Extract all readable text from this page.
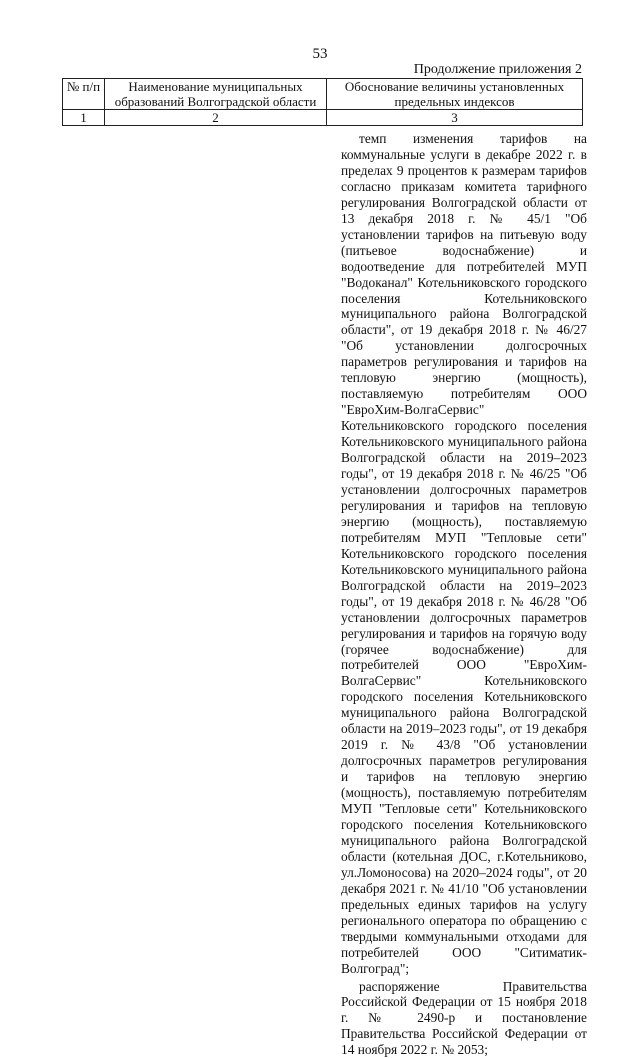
53
Продолжение приложения 2
№ п/п	Наименование муниципальных образований Волгоградской области	Обоснование величины установленных предельных индексов
1	2	3

темп изменения тарифов на коммунальные услуги в декабре 2022 г. в пределах 9 процентов к размерам тарифов согласно приказам комитета тарифного регулирования Волгоградской области от 13 декабря 2018 г. № 45/1 "Об установлении тарифов на питьевую воду (питьевое водоснабжение) и водоотведение для потребителей МУП "Водоканал" Котельниковского городского поселения Котельниковского муниципального района Волгоградской области", от 19 декабря 2018 г. № 46/27 "Об установлении долгосрочных параметров регулирования и тарифов на тепловую энергию (мощность), поставляемую потребителям ООО "ЕвроХим-ВолгаСервис" Котельниковского городского поселения Котельниковского муниципального района Волгоградской области на 2019–2023 годы", от 19 декабря 2018 г. № 46/25 "Об установлении долгосрочных параметров регулирования и тарифов на тепловую энергию (мощность), поставляемую потребителям МУП "Тепловые сети" Котельниковского городского поселения Котельниковского муниципального района Волгоградской области на 2019–2023 годы", от 19 декабря 2018 г. № 46/28 "Об установлении долгосрочных параметров регулирования и тарифов на горячую воду (горячее водоснабжение) для потребителей ООО "ЕвроХим-ВолгаСервис" Котельниковского городского поселения Котельниковского муниципального района Волгоградской области на 2019–2023 годы", от 19 декабря 2019 г. № 43/8 "Об установлении долгосрочных параметров регулирования и тарифов на тепловую энергию (мощность), поставляемую потребителям МУП "Тепловые сети" Котельниковского городского поселения Котельниковского муниципального района Волгоградской области (котельная ДОС, г.Котельниково, ул.Ломоносова) на 2020–2024 годы", от 20 декабря 2021 г. № 41/10 "Об установлении предельных единых тарифов на услугу регионального оператора по обращению с твердыми коммунальными отходами для потребителей ООО "Ситиматик-Волгоград";

распоряжение Правительства Российской Федерации от 15 ноября 2018 г. № 2490-р и постановление Правительства Российской Федерации от 14 ноября 2022 г. № 2053;
